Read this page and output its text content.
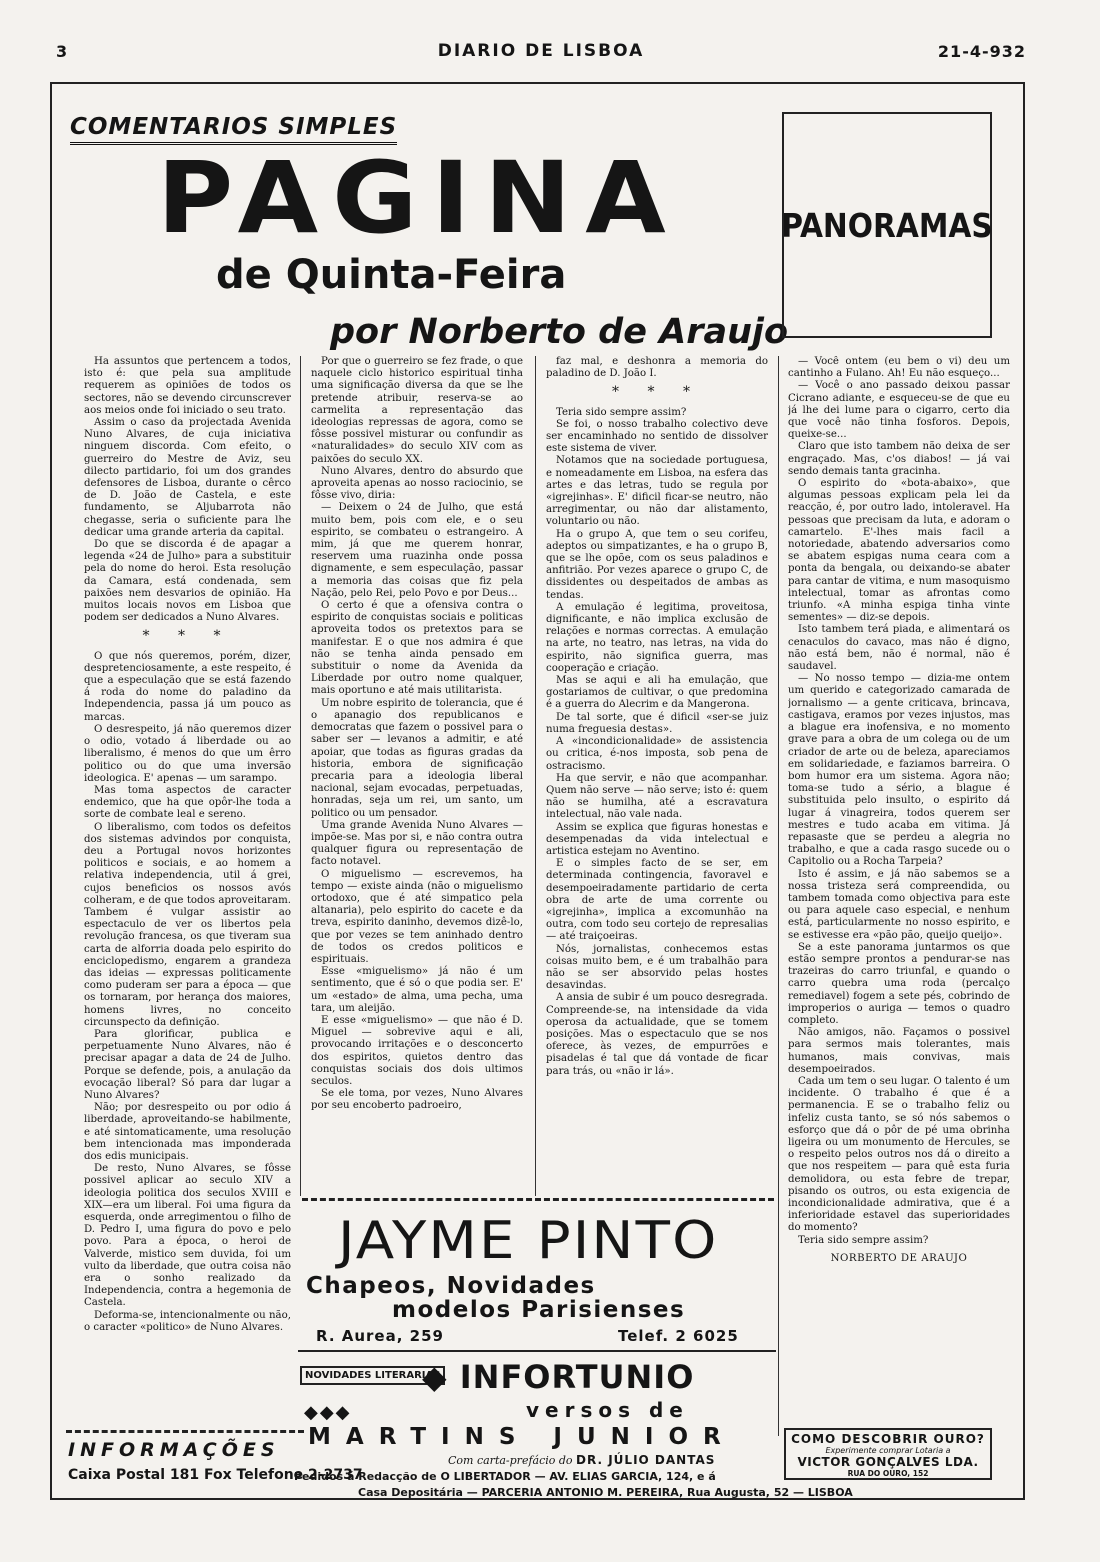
3	DIARIO DE LISBOA	21-4-932
COMENTARIOS SIMPLES
PAGINA
de Quinta-Feira
por Norberto de Araujo
PANORAMAS

Ha assuntos que pertencem a todos, isto é: que pela sua amplitude requerem as opiniões de todos os sectores, não se devendo circunscrever aos meios onde foi iniciado o seu trato.

Assim o caso da projectada Avenida Nuno Alvares, de cuja iniciativa ninguem discorda. Com efeito, o guerreiro do Mestre de Aviz, seu dilecto partidario, foi um dos grandes defensores de Lisboa, durante o cêrco de D. João de Castela, e este fundamento, se Aljubarrota não chegasse, seria o suficiente para lhe dedicar uma grande arteria da capital.

Do que se discorda é de apagar a legenda «24 de Julho» para a substituir pela do nome do heroi. Esta resolução da Camara, está condenada, sem paixões nem desvarios de opinião. Ha muitos locais novos em Lisboa que podem ser dedicados a Nuno Alvares.

* * *

O que nós queremos, porém, dizer, despretenciosamente, a este respeito, é que a especulação que se está fazendo á roda do nome do paladino da Independencia, passa já um pouco as marcas.

O desrespeito, já não queremos dizer o odio, votado á liberdade ou ao liberalismo, é menos do que um êrro politico ou do que uma inversão ideologica. E' apenas — um sarampo.

Mas toma aspectos de caracter endemico, que ha que opôr-lhe toda a sorte de combate leal e sereno.

O liberalismo, com todos os defeitos dos sistemas advindos por conquista, deu a Portugal novos horizontes politicos e sociais, e ao homem a relativa independencia, util á grei, cujos beneficios os nossos avós colheram, e de que todos aproveitaram. Tambem é vulgar assistir ao espectaculo de ver os libertos pela revolução francesa, os que tiveram sua carta de alforria doada pelo espirito do enciclopedismo, engarem a grandeza das ideias — expressas politicamente como puderam ser para a época — que os tornaram, por herança dos maiores, homens livres, no conceito circunspecto da definição.

Para glorificar, publica e perpetuamente Nuno Alvares, não é precisar apagar a data de 24 de Julho. Porque se defende, pois, a anulação da evocação liberal? Só para dar lugar a Nuno Alvares?

Não; por desrespeito ou por odio á liberdade, aproveitando-se habilmente, e até sintomaticamente, uma resolução bem intencionada mas imponderada dos edis municipais.

De resto, Nuno Alvares, se fôsse possivel aplicar ao seculo XIV a ideologia politica dos seculos XVIII e XIX—era um liberal. Foi uma figura da esquerda, onde arregimentou o filho de D. Pedro I, uma figura do povo e pelo povo. Para a época, o heroi de Valverde, mistico sem duvida, foi um vulto da liberdade, que outra coisa não era o sonho realizado da Independencia, contra a hegemonia de Castela.

Deforma-se, intencionalmente ou não, o caracter «politico» de Nuno Alvares.

Por que o guerreiro se fez frade, o que naquele ciclo historico espiritual tinha uma significação diversa da que se lhe pretende atribuir, reserva-se ao carmelita a representação das ideologias repressas de agora, como se fôsse possivel misturar ou confundir as «naturalidades» do seculo XIV com as paixões do seculo XX.

Nuno Alvares, dentro do absurdo que aproveita apenas ao nosso raciocinio, se fôsse vivo, diria:

— Deixem o 24 de Julho, que está muito bem, pois com ele, e o seu espirito, se combateu o estrangeiro. A mim, já que me querem honrar, reservem uma ruazinha onde possa dignamente, e sem especulação, passar a memoria das coisas que fiz pela Nação, pelo Rei, pelo Povo e por Deus...

O certo é que a ofensiva contra o espirito de conquistas sociais e politicas aproveita todos os pretextos para se manifestar. E o que nos admira é que não se tenha ainda pensado em substituir o nome da Avenida da Liberdade por outro nome qualquer, mais oportuno e até mais utilitarista.

Um nobre espirito de tolerancia, que é o apanagio dos republicanos e democratas que fazem o possivel para o saber ser — levanos a admitir, e até apoiar, que todas as figuras gradas da historia, embora de significação precaria para a ideologia liberal nacional, sejam evocadas, perpetuadas, honradas, seja um rei, um santo, um politico ou um pensador.

Uma grande Avenida Nuno Alvares — impõe-se. Mas por si, e não contra outra qualquer figura ou representação de facto notavel.

O miguelismo — escrevemos, ha tempo — existe ainda (não o miguelismo ortodoxo, que é até simpatico pela altanaria), pelo espirito do cacete e da treva, espirito daninho, devemos dizê-lo, que por vezes se tem aninhado dentro de todos os credos politicos e espirituais.

Esse «miguelismo» já não é um sentimento, que é só o que podia ser. E' um «estado» de alma, uma pecha, uma tara, um aleijão.

E esse «miguelismo» — que não é D. Miguel — sobrevive aqui e ali, provocando irritações e o desconcerto dos espiritos, quietos dentro das conquistas sociais dos dois ultimos seculos.

Se ele toma, por vezes, Nuno Alvares por seu encoberto padroeiro,

faz mal, e deshonra a memoria do paladino de D. João I.

* * *

Teria sido sempre assim?

Se foi, o nosso trabalho colectivo deve ser encaminhado no sentido de dissolver este sistema de viver.

Notamos que na sociedade portuguesa, e nomeadamente em Lisboa, na esfera das artes e das letras, tudo se regula por «igrejinhas». E' dificil ficar-se neutro, não arregimentar, ou não dar alistamento, voluntario ou não.

Ha o grupo A, que tem o seu corifeu, adeptos ou simpatizantes, e ha o grupo B, que se lhe opõe, com os seus paladinos e anfitrião. Por vezes aparece o grupo C, de dissidentes ou despeitados de ambas as tendas.

A emulação é legitima, proveitosa, dignificante, e não implica exclusão de relações e normas correctas. A emulação na arte, no teatro, nas letras, na vida do espirito, não significa guerra, mas cooperação e criação.

Mas se aqui e ali ha emulação, que gostariamos de cultivar, o que predomina é a guerra do Alecrim e da Mangerona.

De tal sorte, que é dificil «ser-se juiz numa freguesia destas».

A «incondicionalidade» de assistencia ou critica, é-nos imposta, sob pena de ostracismo.

Ha que servir, e não que acompanhar. Quem não serve — não serve; isto é: quem não se humilha, até a escravatura intelectual, não vale nada.

Assim se explica que figuras honestas e desempenadas da vida intelectual e artistica estejam no Aventino.

E o simples facto de se ser, em determinada contingencia, favoravel e desempoeiradamente partidario de certa obra de arte de uma corrente ou «igrejinha», implica a excomunhão na outra, com todo seu cortejo de represalias — até traiçoeiras.

Nós, jornalistas, conhecemos estas coisas muito bem, e é um trabalhão para não se ser absorvido pelas hostes desavindas.

A ansia de subir é um pouco desregrada. Compreende-se, na intensidade da vida operosa da actualidade, que se tomem posições. Mas o espectaculo que se nos oferece, às vezes, de empurrões e pisadelas é tal que dá vontade de ficar para trás, ou «não ir lá».

— Você ontem (eu bem o vi) deu um cantinho a Fulano. Ah! Eu não esqueço...

— Você o ano passado deixou passar Cicrano adiante, e esqueceu-se de que eu já lhe dei lume para o cigarro, certo dia que você não tinha fosforos. Depois, queixe-se...

Claro que isto tambem não deixa de ser engraçado. Mas, c'os diabos! — já vai sendo demais tanta gracinha.

O espirito do «bota-abaixo», que algumas pessoas explicam pela lei da reacção, é, por outro lado, intoleravel. Ha pessoas que precisam da luta, e adoram o camartelo. E'-lhes mais facil a notoriedade, abatendo adversarios como se abatem espigas numa ceara com a ponta da bengala, ou deixando-se abater para cantar de vitima, e num masoquismo intelectual, tomar as afrontas como triunfo. «A minha espiga tinha vinte sementes» — diz-se depois.

Isto tambem terá piada, e alimentará os cenaculos do cavaco, mas não é digno, não está bem, não é normal, não é saudavel.

— No nosso tempo — dizia-me ontem um querido e categorizado camarada de jornalismo — a gente criticava, brincava, castigava, eramos por vezes injustos, mas a blague era inofensiva, e no momento grave para a obra de um colega ou de um criador de arte ou de beleza, apareciamos em solidariedade, e faziamos barreira. O bom humor era um sistema. Agora não; toma-se tudo a sério, a blague é substituida pelo insulto, o espirito dá lugar á vinagreira, todos querem ser mestres e tudo acaba em vitima. Já repasaste que se perdeu a alegria no trabalho, e que a cada rasgo sucede ou o Capitolio ou a Rocha Tarpeia?

Isto é assim, e já não sabemos se a nossa tristeza será compreendida, ou tambem tomada como objectiva para este ou para aquele caso especial, e nenhum está, particularmente no nosso espirito, e se estivesse era «pão pão, queijo queijo».

Se a este panorama juntarmos os que estão sempre prontos a pendurar-se nas trazeiras do carro triunfal, e quando o carro quebra uma roda (percalço remediavel) fogem a sete pés, cobrindo de improperios o auriga — temos o quadro completo.

Não amigos, não. Façamos o possivel para sermos mais tolerantes, mais humanos, mais convivas, mais desempoeirados.

Cada um tem o seu lugar. O talento é um incidente. O trabalho é que é a permanencia. E se o trabalho feliz ou infeliz custa tanto, se só nós sabemos o esforço que dá o pôr de pé uma obrinha ligeira ou um monumento de Hercules, se o respeito pelos outros nos dá o direito a que nos respeitem — para quê esta furia demolidora, ou esta febre de trepar, pisando os outros, ou esta exigencia de incondicionalidade admirativa, que é a inferioridade estavel das superioridades do momento?

Teria sido sempre assim?

NORBERTO DE ARAUJO

JAYME PINTO
Chapeos, Novidades
modelos Parisienses
R. Aurea, 259	Telef. 2 6025
NOVIDADES LITERARIAS
◆ INFORTUNIO
◆◆◆	versos de
MARTINS JUNIOR
Com carta-prefácio do DR. JÚLIO DANTAS
Pedidos á Redacção de O LIBERTADOR — AV. ELIAS GARCIA, 124, e á
Casa Depositária — PARCERIA ANTONIO M. PEREIRA, Rua Augusta, 52 — LISBOA
INFORMAÇÕES
Caixa Postal 181 Fox Telefone 2-2737
COMO DESCOBRIR OURO?
Experimente comprar Lotaria a
VICTOR GONÇALVES LDA.
RUA DO OURO, 152
